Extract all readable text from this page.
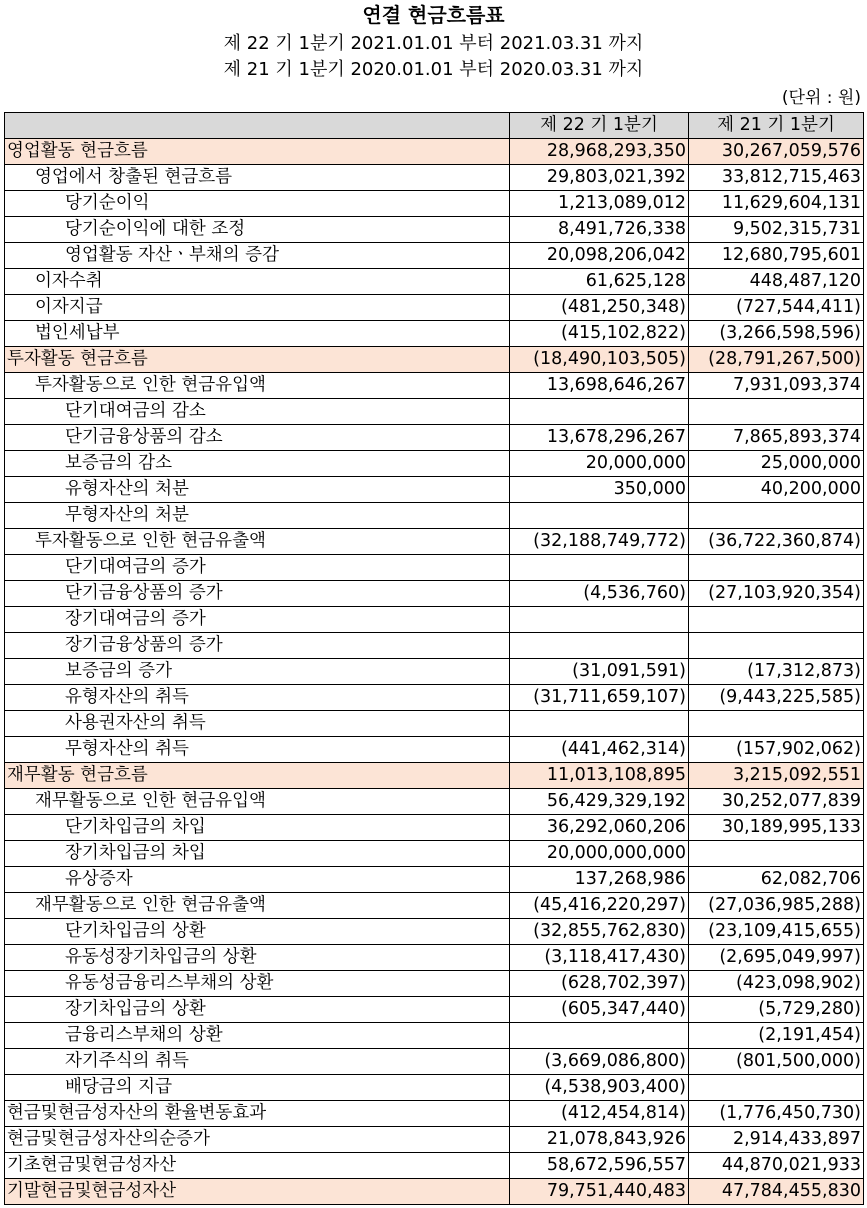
연결 현금흐름표
제 22 기 1분기 2021.01.01 부터 2021.03.31 까지
제 21 기 1분기 2020.01.01 부터 2020.03.31 까지
(단위 : 원)
	제 22 기 1분기	제 21 기 1분기
영업활동 현금흐름	28,968,293,350	30,267,059,576
영업에서 창출된 현금흐름	29,803,021,392	33,812,715,463
당기순이익	1,213,089,012	11,629,604,131
당기순이익에 대한 조정	8,491,726,338	9,502,315,731
영업활동 자산ㆍ부채의 증감	20,098,206,042	12,680,795,601
이자수취	61,625,128	448,487,120
이자지급	(481,250,348)	(727,544,411)
법인세납부	(415,102,822)	(3,266,598,596)
투자활동 현금흐름	(18,490,103,505)	(28,791,267,500)
투자활동으로 인한 현금유입액	13,698,646,267	7,931,093,374
단기대여금의 감소		
단기금융상품의 감소	13,678,296,267	7,865,893,374
보증금의 감소	20,000,000	25,000,000
유형자산의 처분	350,000	40,200,000
무형자산의 처분		
투자활동으로 인한 현금유출액	(32,188,749,772)	(36,722,360,874)
단기대여금의 증가		
단기금융상품의 증가	(4,536,760)	(27,103,920,354)
장기대여금의 증가		
장기금융상품의 증가		
보증금의 증가	(31,091,591)	(17,312,873)
유형자산의 취득	(31,711,659,107)	(9,443,225,585)
사용권자산의 취득		
무형자산의 취득	(441,462,314)	(157,902,062)
재무활동 현금흐름	11,013,108,895	3,215,092,551
재무활동으로 인한 현금유입액	56,429,329,192	30,252,077,839
단기차입금의 차입	36,292,060,206	30,189,995,133
장기차입금의 차입	20,000,000,000	
유상증자	137,268,986	62,082,706
재무활동으로 인한 현금유출액	(45,416,220,297)	(27,036,985,288)
단기차입금의 상환	(32,855,762,830)	(23,109,415,655)
유동성장기차입금의 상환	(3,118,417,430)	(2,695,049,997)
유동성금융리스부채의 상환	(628,702,397)	(423,098,902)
장기차입금의 상환	(605,347,440)	(5,729,280)
금융리스부채의 상환		(2,191,454)
자기주식의 취득	(3,669,086,800)	(801,500,000)
배당금의 지급	(4,538,903,400)	
현금및현금성자산의 환율변동효과	(412,454,814)	(1,776,450,730)
현금및현금성자산의순증가	21,078,843,926	2,914,433,897
기초현금및현금성자산	58,672,596,557	44,870,021,933
기말현금및현금성자산	79,751,440,483	47,784,455,830
